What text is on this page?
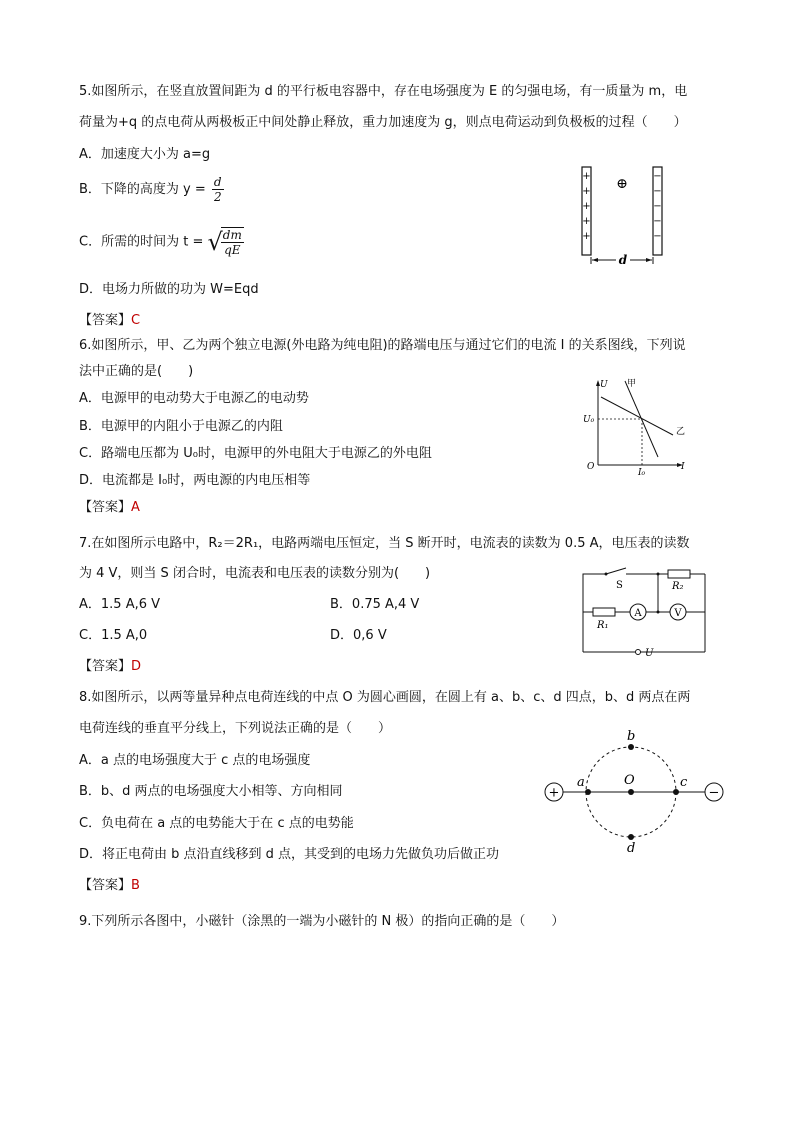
5.如图所示，在竖直放置间距为 d 的平行板电容器中，存在电场强度为 E 的匀强电场，有一质量为 m，电
荷量为+q 的点电荷从两极板正中间处静止释放，重力加速度为 g，则点电荷运动到负极板的过程（　　）
A．加速度大小为 a=g
B．下降的高度为 $y = \frac{d}{2}$
C．所需的时间为 t = √
$\frac{dm}{qE}$
D．电场力所做的功为 W=Eqd
【答案】C
+
+
+
+
+
−
−
−
−
−
⊕
d
6.如图所示，甲、乙为两个独立电源(外电路为纯电阻)的路端电压与通过它们的电流 I 的关系图线，下列说
法中正确的是(　　)
A．电源甲的电动势大于电源乙的电动势
B．电源甲的内阻小于电源乙的内阻
C．路端电压都为 U₀时，电源甲的外电阻大于电源乙的外电阻
D．电流都是 I₀时，两电源的内电压相等
【答案】A
U
I
O
U₀
I₀
甲
乙
7.在如图所示电路中，R₂＝2R₁，电路两端电压恒定，当 S 断开时，电流表的读数为 0.5 A，电压表的读数
为 4 V，则当 S 闭合时，电流表和电压表的读数分别为(　　)
A．1.5 A,6 V	B．0.75 A,4 V
C．1.5 A,0	D．0,6 V
【答案】D
S
R₁
R₂
A	V
U
8.如图所示，以两等量异种点电荷连线的中点 O 为圆心画圆，在圆上有 a、b、c、d 四点，b、d 两点在两
电荷连线的垂直平分线上，下列说法正确的是（　　）
A．a 点的电场强度大于 c 点的电场强度
B．b、d 两点的电场强度大小相等、方向相同
C．负电荷在 a 点的电势能大于在 c 点的电势能
D．将正电荷由 b 点沿直线移到 d 点，其受到的电场力先做负功后做正功
【答案】B
+	−
a
b
c
d
O
9.下列所示各图中，小磁针（涂黑的一端为小磁针的 N 极）的指向正确的是（　　）
